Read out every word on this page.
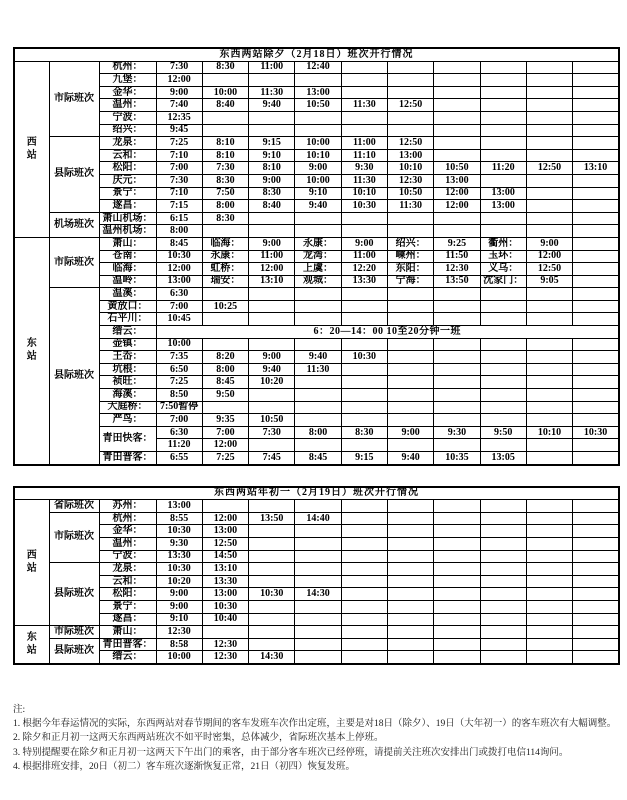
东西两站除夕（2月18日）班次开行情况												

西
站	市际班次	杭州：	7:30	8:30	11:00	12:40						
		九堡：	12:00									
		金华：	9:00	10:00	11:30	13:00						
		温州：	7:40	8:40	9:40	10:50	11:30	12:50				
		宁波：	12:35									
		绍兴：	9:45									
	县际班次	龙泉：	7:25	8:10	9:15	10:00	11:00	12:50				
		云和：	7:10	8:10	9:10	10:10	11:10	13:00				
		松阳：	7:00	7:30	8:10	9:00	9:30	10:10	10:50	11:20	12:50	13:10
		庆元：	7:30	8:30	9:00	10:00	11:30	12:30	13:00			
		景宁：	7:10	7:50	8:30	9:10	10:10	10:50	12:00	13:00		
		遂昌：	7:15	8:00	8:40	9:40	10:30	11:30	12:00	13:00		
	机场班次	萧山机场：	6:15	8:30								
		温州机场：	8:00									

东
站	市际班次	萧山：	8:45	临海：	9:00	永康：	9:00	绍兴：	9:25	衢州：	9:00	
		苍南：	10:30	永康：	11:00	龙湾：	11:00	嵊州：	11:50	玉环：	12:00	
		临海：	12:00	虹桥：	12:00	上虞：	12:20	东阳：	12:30	义乌：	12:50	
		温岭：	13:00	瑞安：	13:10	观城：	13:30	宁海：	13:50	沈家门：	9:05	
	县际班次	温溪：	6:30									
		黄放口：	7:00	10:25								
		石平川：	10:45									
		缙云：	6：20—14：00 10至20分钟一班									
		壶镇：	10:00									
		王岙：	7:35	8:20	9:00	9:40	10:30					
		坑根：	6:50	8:00	9:40	11:30						
		祯旺：	7:25	8:45	10:20							
		海溪：	8:50	9:50								
		大庭桥：	7:50暂停									
		严鸟：	7:00	9:35	10:50							
		青田快客：	6:30	7:00	7:30	8:00	8:30	9:00	9:30	9:50	10:10	10:30
			11:20	12:00								
		青田普客：	6:55	7:25	7:45	8:45	9:15	9:40	10:35	13:05		
东西两站年初一（2月19日）班次开行情况												

西
站	省际班次	苏州：	13:00									
	市际班次	杭州：	8:55	12:00	13:50	14:40						
		金华：	10:30	13:00								
		温州：	9:30	12:50								
		宁波：	13:30	14:50								
	县际班次	龙泉：	10:30	13:10								
		云和：	10:20	13:30								
		松阳：	9:00	13:00	10:30	14:30						
		景宁：	9:00	10:30								
		遂昌：	9:10	10:40								

东
站	市际班次	萧山：	12:30									
	县际班次	青田普客：	8:58	12:30								
		缙云：	10:00	12:30	14:30							
注:
1. 根据今年春运情况的实际，东西两站对春节期间的客车发班车次作出定班，主要是对18日（除夕）、19日（大年初一）的客车班次有大幅调整。
2. 除夕和正月初一这两天东西两站班次不如平时密集，总体减少，省际班次基本上停班。
3. 特别提醒要在除夕和正月初一这两天下午出门的乘客，由于部分客车班次已经停班，请提前关注班次安排出门或拨打电信114询问。
4. 根据排班安排，20日（初二）客车班次逐渐恢复正常，21日（初四）恢复发班。
